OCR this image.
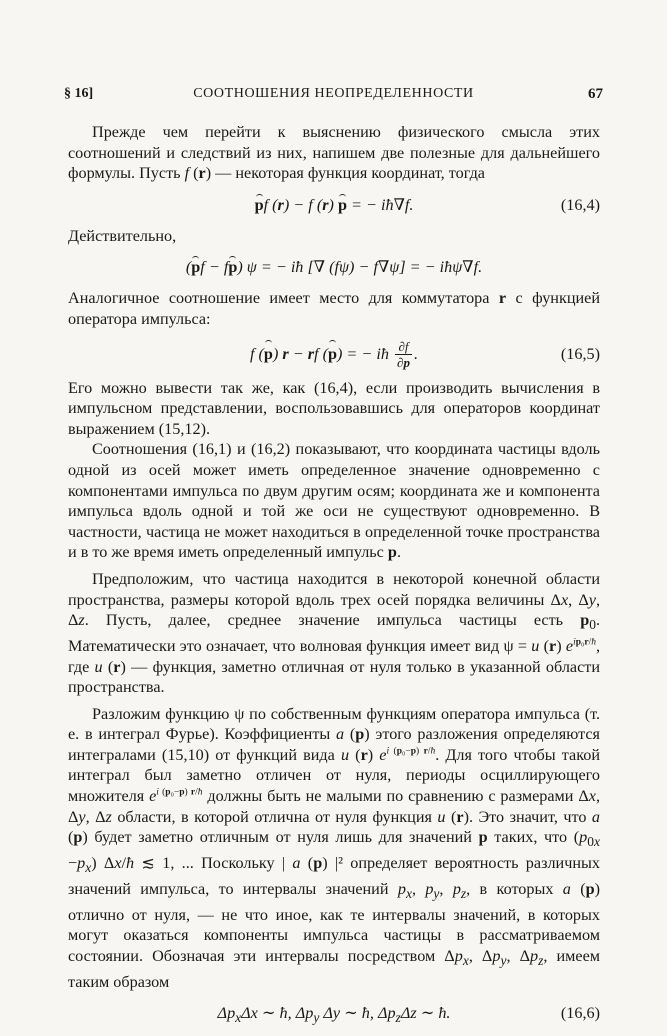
§ 16]	СООТНОШЕНИЯ НЕОПРЕДЕЛЕННОСТИ	67

Прежде чем перейти к выяснению физического смысла этих соотношений и следствий из них, напишем две полезные для дальнейшего формулы. Пусть f (r) — некоторая функция координат, тогда

pf (r) − f (r) p = − iħ∇f.	(16,4)

Действительно,

(pf − fp) ψ = − iħ [∇ (fψ) − f∇ψ] = − iħψ∇f.

Аналогичное соотношение имеет место для коммутатора r с функцией оператора импульса:

f (p) r − rf (p) = − iħ $\frac{\partial f}{\partial p}$ .	(16,5)

Его можно вывести так же, как (16,4), если производить вычисления в импульсном представлении, воспользовавшись для операторов координат выражением (15,12).

Соотношения (16,1) и (16,2) показывают, что координата частицы вдоль одной из осей может иметь определенное значение одновременно с компонентами импульса по двум другим осям; координата же и компонента импульса вдоль одной и той же оси не существуют одновременно. В частности, частица не может находиться в определенной точке пространства и в то же время иметь определенный импульс p.

Предположим, что частица находится в некоторой конечной области пространства, размеры которой вдоль трех осей порядка величины Δx, Δy, Δz. Пусть, далее, среднее значение импульса частицы есть $p_0$. Математически это означает, что волновая функция имеет вид ψ = u (r) $e^{ip_0r/ħ}$, где u (r) — функция, заметно отличная от нуля только в указанной области пространства.

Разложим функцию ψ по собственным функциям оператора импульса (т. е. в интеграл Фурье). Коэффициенты a (p) этого разложения определяются интегралами (15,10) от функций вида u (r) $e^{i (p_0-p) r/ħ}$. Для того чтобы такой интеграл был заметно отличен от нуля, периоды осциллирующего множителя $e^{i (p_0-p) r/ħ}$ должны быть не малыми по сравнению с размерами Δx, Δy, Δz области, в которой отлична от нуля функция u (r). Это значит, что a (p) будет заметно отличным от нуля лишь для значений p таких, что $(p_{0x} -p_x)$ Δx/ħ ≲ 1, ... Поскольку | a (p) |² определяет вероятность различных значений импульса, то интервалы значений $p_x$, $p_y$, $p_z$, в которых a (p) отлично от нуля, — не что иное, как те интервалы значений, в которых могут оказаться компоненты импульса частицы в рассматриваемом состоянии. Обозначая эти интервалы посредством $\Delta p_x$, $\Delta p_y$, $\Delta p_z$, имеем таким образом

$\Delta p_x\Delta x$ ∼ ħ, $\Delta p_y$ Δy ∼ ħ, $\Delta p_z\Delta z$ ∼ ħ.	(16,6)
